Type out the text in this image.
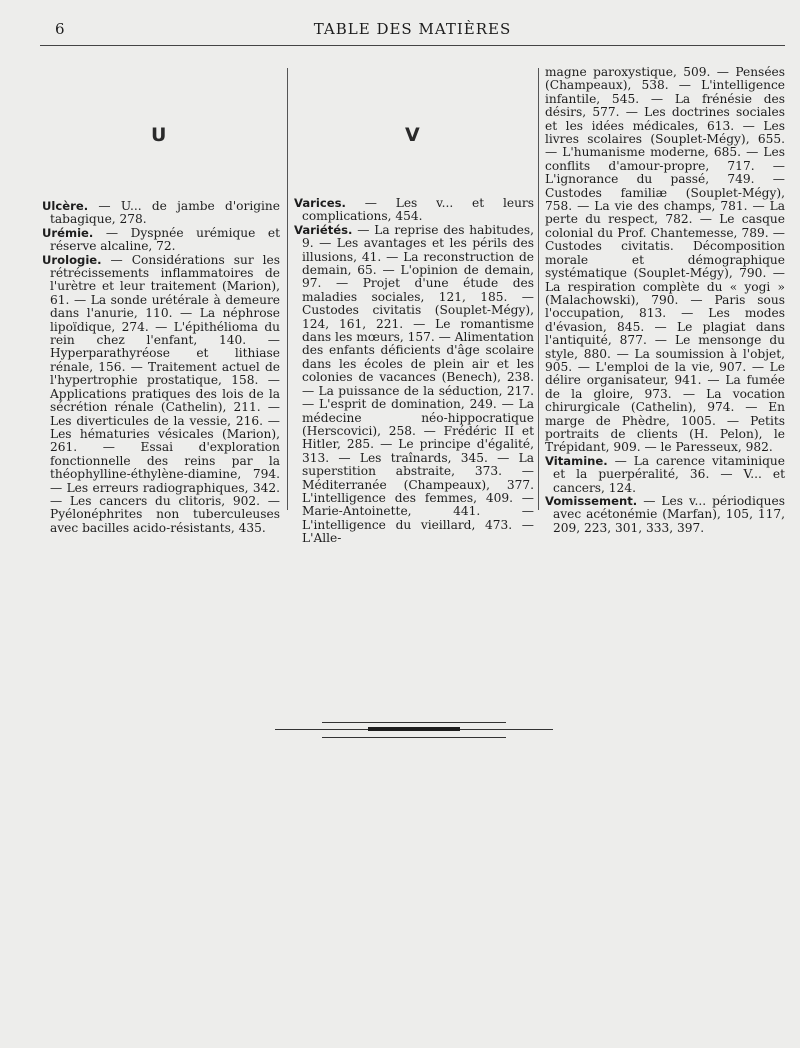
6	TABLE DES MATIÈRES
U	V

Ulcère. — U... de jambe d'origine tabagique, 278.

Urémie. — Dyspnée urémique et réserve alcaline, 72.

Urologie. — Considérations sur les rétrécissements inflammatoires de l'urètre et leur traitement (Marion), 61. — La sonde urétérale à demeure dans l'anurie, 110. — La néphrose lipoïdique, 274. — L'épithélioma du rein chez l'enfant, 140. — Hyperparathyréose et lithiase rénale, 156. — Traitement actuel de l'hypertrophie prostatique, 158. — Applications pratiques des lois de la sécrétion rénale (Cathelin), 211. — Les diverticules de la vessie, 216. — Les hématuries vésicales (Marion), 261. — Essai d'exploration fonctionnelle des reins par la théophylline-éthylène-diamine, 794. — Les erreurs radiographiques, 342. — Les cancers du clitoris, 902. — Pyélonéphrites non tuberculeuses avec bacilles acido-résistants, 435.

Varices. — Les v... et leurs complications, 454.

Variétés. — La reprise des habitudes, 9. — Les avantages et les périls des illusions, 41. — La reconstruction de demain, 65. — L'opinion de demain, 97. — Projet d'une étude des maladies sociales, 121, 185. — Custodes civitatis (Souplet-Mégy), 124, 161, 221. — Le romantisme dans les mœurs, 157. — Alimentation des enfants déficients d'âge scolaire dans les écoles de plein air et les colonies de vacances (Benech), 238. — La puissance de la séduction, 217. — L'esprit de domination, 249. — La médecine néo-hippocratique (Herscovici), 258. — Frédéric II et Hitler, 285. — Le principe d'égalité, 313. — Les traînards, 345. — La superstition abstraite, 373. — Méditerranée (Champeaux), 377. L'intelligence des femmes, 409. — Marie-Antoinette, 441. — L'intelligence du vieillard, 473. — L'Alle-

magne paroxystique, 509. — Pensées (Champeaux), 538. — L'intelligence infantile, 545. — La frénésie des désirs, 577. — Les doctrines sociales et les idées médicales, 613. — Les livres scolaires (Souplet-Mégy), 655. — L'humanisme moderne, 685. — Les conflits d'amour-propre, 717. — L'ignorance du passé, 749. — Custodes familiæ (Souplet-Mégy), 758. — La vie des champs, 781. — La perte du respect, 782. — Le casque colonial du Prof. Chantemesse, 789. — Custodes civitatis. Décomposition morale et démographique systématique (Souplet-Mégy), 790. — La respiration complète du « yogi » (Malachowski), 790. — Paris sous l'occupation, 813. — Les modes d'évasion, 845. — Le plagiat dans l'antiquité, 877. — Le mensonge du style, 880. — La soumission à l'objet, 905. — L'emploi de la vie, 907. — Le délire organisateur, 941. — La fumée de la gloire, 973. — La vocation chirurgicale (Cathelin), 974. — En marge de Phèdre, 1005. — Petits portraits de clients (H. Pelon), le Trépidant, 909. — le Paresseux, 982.

Vitamine. — La carence vitaminique et la puerpéralité, 36. — V... et cancers, 124.

Vomissement. — Les v... périodiques avec acétonémie (Marfan), 105, 117, 209, 223, 301, 333, 397.
